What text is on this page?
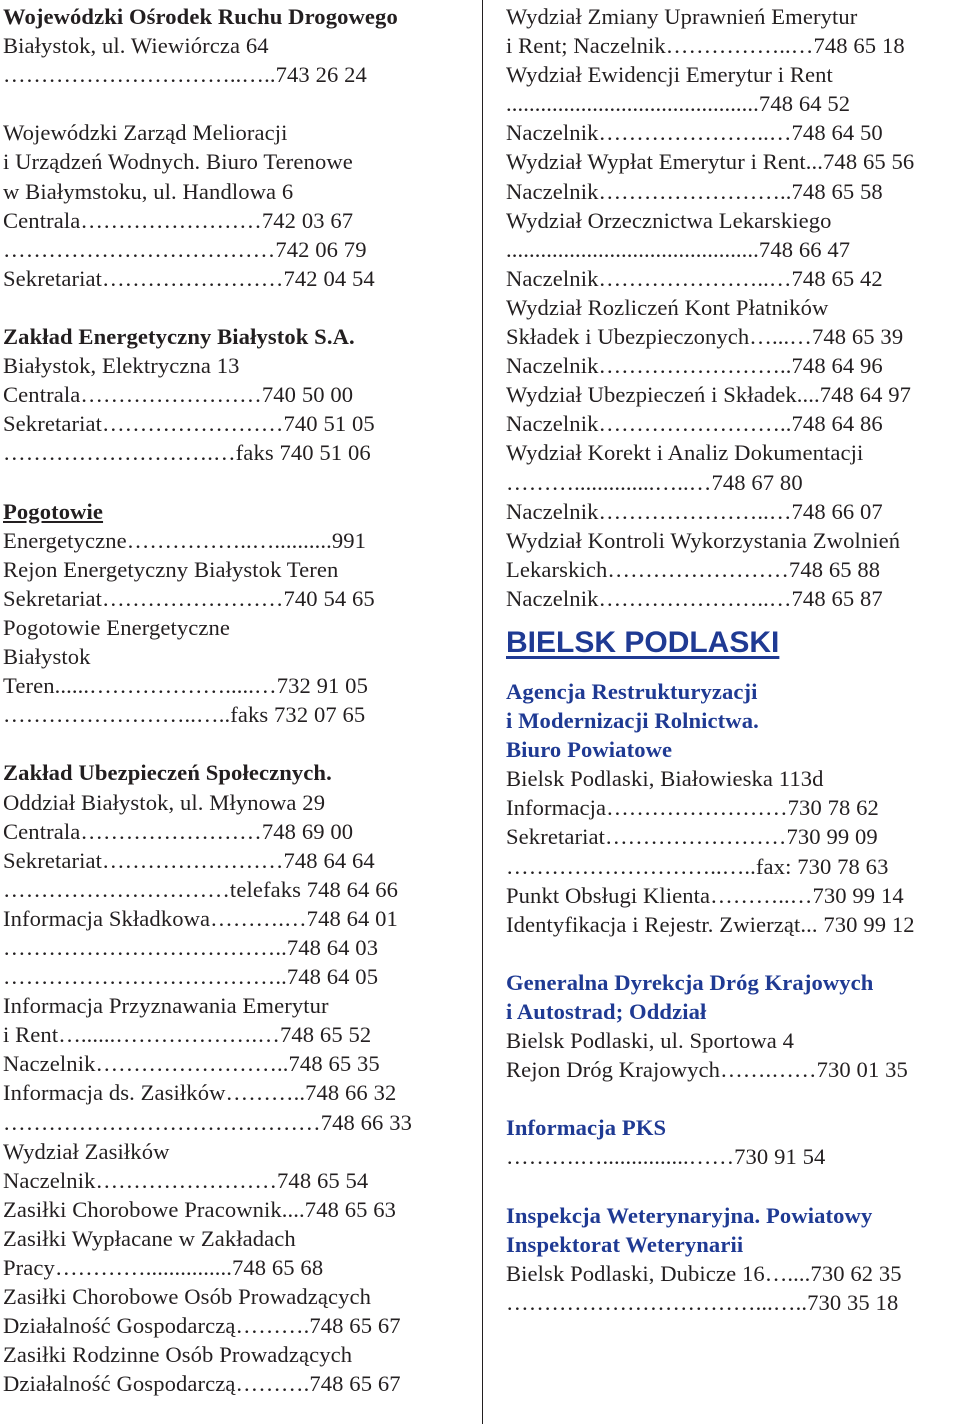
Wojewódzki Ośrodek Ruchu Drogowego
Białystok, ul. Wiewiórcza 64
…………………………..…..743 26 24
Wojewódzki Zarząd Melioracji
i Urządzeń Wodnych. Biuro Terenowe
w Białymstoku, ul. Handlowa 6
Centrala……………………742 03 67
………………………………742 06 79
Sekretariat……………………742 04 54
Zakład Energetyczny Białystok S.A.
Białystok, Elektryczna 13
Centrala……………………740 50 00
Sekretariat……………………740 51 05
……………………….…faks 740 51 06
Pogotowie
Energetyczne……………..…..........991
Rejon Energetyczny Białystok Teren
Sekretariat……………………740 54 65
Pogotowie Energetyczne
Białystok
Teren......……………….....…732 91 05
……………………..…..faks 732 07 65
Zakład Ubezpieczeń Społecznych.
Oddział Białystok, ul. Młynowa 29
Centrala……………………748 69 00
Sekretariat……………………748 64 64
…………………………telefaks 748 64 66
Informacja Składkowa……….…748 64 01
………………………………..748 64 03
………………………………..748 64 05
Informacja Przyznawania Emerytur
i Rent…......……………….…748 65 52
Naczelnik……………………..748 65 35
Informacja ds. Zasiłków………..748 66 32
……………………………………748 66 33
Wydział Zasiłków
Naczelnik……………………748 65 54
Zasiłki Chorobowe Pracownik....748 65 63
Zasiłki Wypłacane w Zakładach
Pracy…………...............748 65 68
Zasiłki Chorobowe Osób Prowadzących
Działalność Gospodarczą……….748 65 67
Zasiłki Rodzinne Osób Prowadzących
Działalność Gospodarczą……….748 65 67
Wydział Zmiany Uprawnień Emerytur
i Rent; Naczelnik……………..…748 65 18
Wydział Ewidencji Emerytur i Rent
............................................748 64 52
Naczelnik…………………..…748 64 50
Wydział Wypłat Emerytur i Rent...748 65 56
Naczelnik……………………..748 65 58
Wydział Orzecznictwa Lekarskiego
............................................748 66 47
Naczelnik…………………..…748 65 42
Wydział Rozliczeń Kont Płatników
Składek i Ubezpieczonych…...…748 65 39
Naczelnik……………………..748 64 96
Wydział Ubezpieczeń i Składek....748 64 97
Naczelnik……………………..748 64 86
Wydział Korekt i Analiz Dokumentacji
………..............…..…748 67 80
Naczelnik…………………..…748 66 07
Wydział Kontroli Wykorzystania Zwolnień
Lekarskich……………………748 65 88
Naczelnik…………………..…748 65 87
BIELSK PODLASKI
Agencja Restrukturyzacji
i Modernizacji Rolnictwa.
Biuro Powiatowe
Bielsk Podlaski, Białowieska 113d
Informacja……………………730 78 62
Sekretariat……………………730 99 09
………………………..…..fax: 730 78 63
Punkt Obsługi Klienta………..…730 99 14
Identyfikacja i Rejestr. Zwierząt... 730 99 12
Generalna Dyrekcja Dróg Krajowych
i Autostrad; Oddział
Bielsk Podlaski, ul. Sportowa 4
Rejon Dróg Krajowych…….……730 01 35
Informacja PKS
……….…...............……730 91 54
Inspekcja Weterynaryjna. Powiatowy
Inspektorat Weterynarii
Bielsk Podlaski, Dubicze 16…....730 62 35
……………………………...…..730 35 18
